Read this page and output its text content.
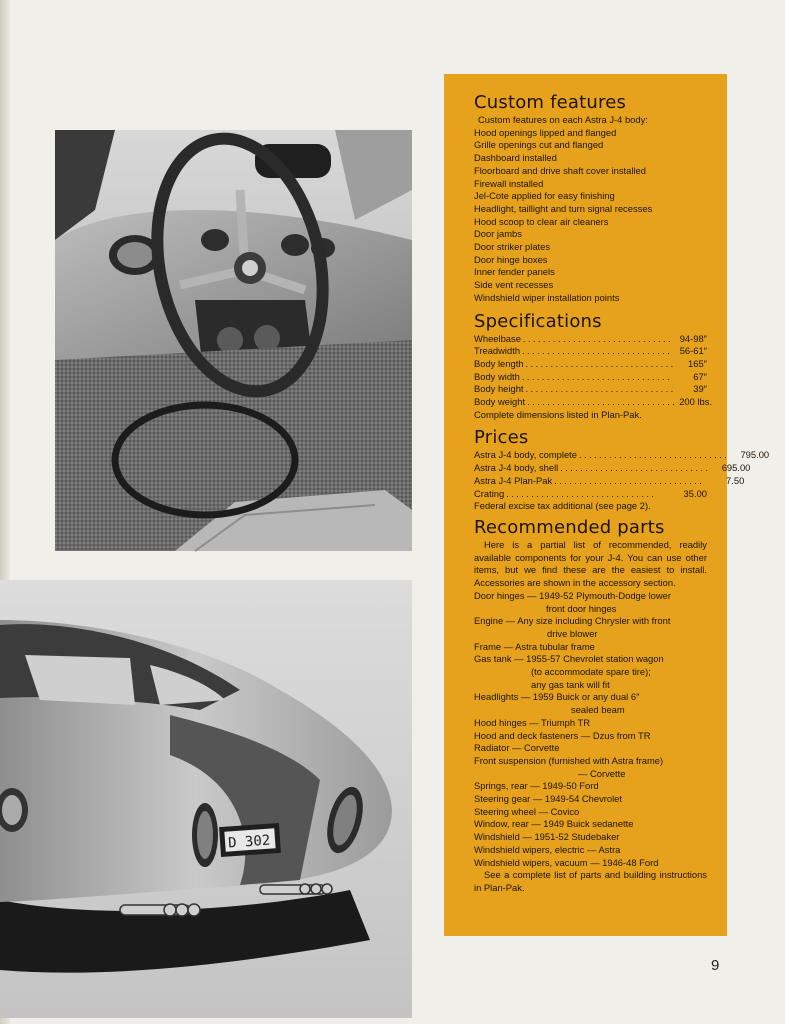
D 302
Custom features
Custom features on each Astra J-4 body:
Hood openings lipped and flanged
Grille openings cut and flanged
Dashboard installed
Floorboard and drive shaft cover installed
Firewall installed
Jel-Cote applied for easy finishing
Headlight, taillight and turn signal recesses
Hood scoop to clear air cleaners
Door jambs
Door striker plates
Door hinge boxes
Inner fender panels
Side vent recesses
Windshield wiper installation points
Specifications
Wheelbase .............................. 94-98″
Treadwidth .............................. 56-61″
Body length ..............................	165″
Body width ..............................	67″
Body height ..............................	39″
Body weight .............................. 200 lbs.
Complete dimensions listed in Plan-Pak.
Prices
Astra J-4 body, complete ..............................	795.00
Astra J-4 body, shell ..............................	695.00
Astra J-4 Plan-Pak ..............................	7.50
Crating ..............................	35.00
Federal excise tax additional (see page 2).
Recommended parts
Here is a partial list of recommended, readily available components for your J-4. You can use other items, but we find these are the easiest to install. Accessories are shown in the accessory section.
Door hinges — 1949-52 Plymouth-Dodge lower
front door hinges
Engine — Any size including Chrysler with front
drive blower
Frame — Astra tubular frame
Gas tank — 1955-57 Chevrolet station wagon
(to accommodate spare tire);
any gas tank will fit
Headlights — 1959 Buick or any dual 6″
sealed beam
Hood hinges — Triumph TR
Hood and deck fasteners — Dzus from TR
Radiator — Corvette
Front suspension (furnished with Astra frame)
— Corvette
Springs, rear — 1949-50 Ford
Steering gear — 1949-54 Chevrolet
Steering wheel — Covico
Window, rear — 1949 Buick sedanette
Windshield — 1951-52 Studebaker
Windshield wipers, electric — Astra
Windshield wipers, vacuum — 1946-48 Ford
See a complete list of parts and building instructions in Plan-Pak.
9
